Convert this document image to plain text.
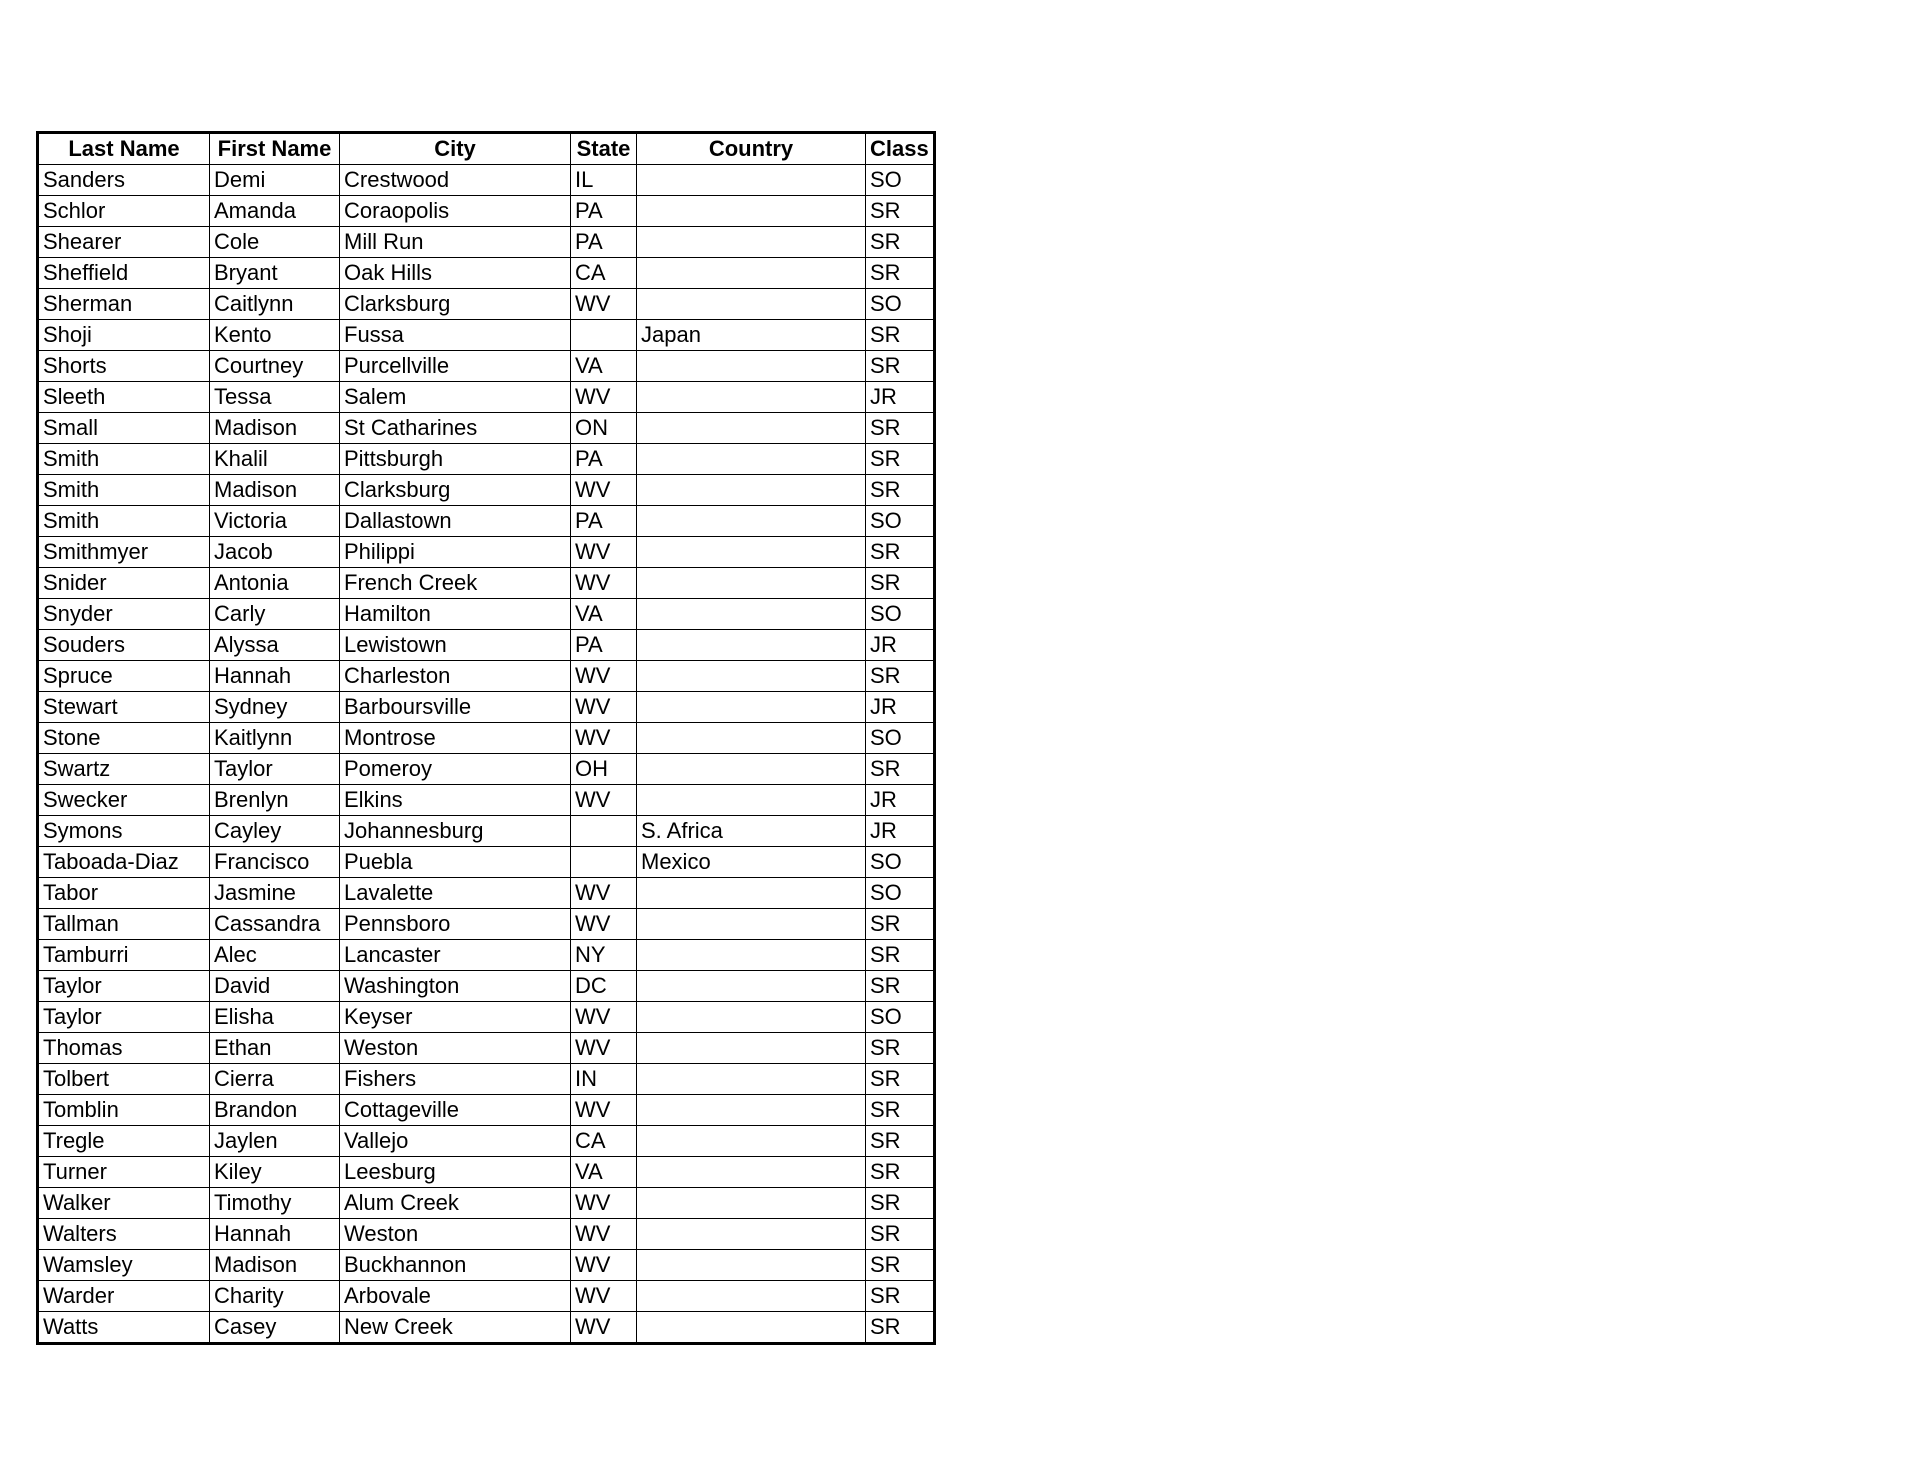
Last Name	First Name	City	State	Country	Class
Sanders	Demi	Crestwood	IL		SO
Schlor	Amanda	Coraopolis	PA		SR
Shearer	Cole	Mill Run	PA		SR
Sheffield	Bryant	Oak Hills	CA		SR
Sherman	Caitlynn	Clarksburg	WV		SO
Shoji	Kento	Fussa		Japan	SR
Shorts	Courtney	Purcellville	VA		SR
Sleeth	Tessa	Salem	WV		JR
Small	Madison	St Catharines	ON		SR
Smith	Khalil	Pittsburgh	PA		SR
Smith	Madison	Clarksburg	WV		SR
Smith	Victoria	Dallastown	PA		SO
Smithmyer	Jacob	Philippi	WV		SR
Snider	Antonia	French Creek	WV		SR
Snyder	Carly	Hamilton	VA		SO
Souders	Alyssa	Lewistown	PA		JR
Spruce	Hannah	Charleston	WV		SR
Stewart	Sydney	Barboursville	WV		JR
Stone	Kaitlynn	Montrose	WV		SO
Swartz	Taylor	Pomeroy	OH		SR
Swecker	Brenlyn	Elkins	WV		JR
Symons	Cayley	Johannesburg		S. Africa	JR
Taboada-Diaz	Francisco	Puebla		Mexico	SO
Tabor	Jasmine	Lavalette	WV		SO
Tallman	Cassandra	Pennsboro	WV		SR
Tamburri	Alec	Lancaster	NY		SR
Taylor	David	Washington	DC		SR
Taylor	Elisha	Keyser	WV		SO
Thomas	Ethan	Weston	WV		SR
Tolbert	Cierra	Fishers	IN		SR
Tomblin	Brandon	Cottageville	WV		SR
Tregle	Jaylen	Vallejo	CA		SR
Turner	Kiley	Leesburg	VA		SR
Walker	Timothy	Alum Creek	WV		SR
Walters	Hannah	Weston	WV		SR
Wamsley	Madison	Buckhannon	WV		SR
Warder	Charity	Arbovale	WV		SR
Watts	Casey	New Creek	WV		SR
